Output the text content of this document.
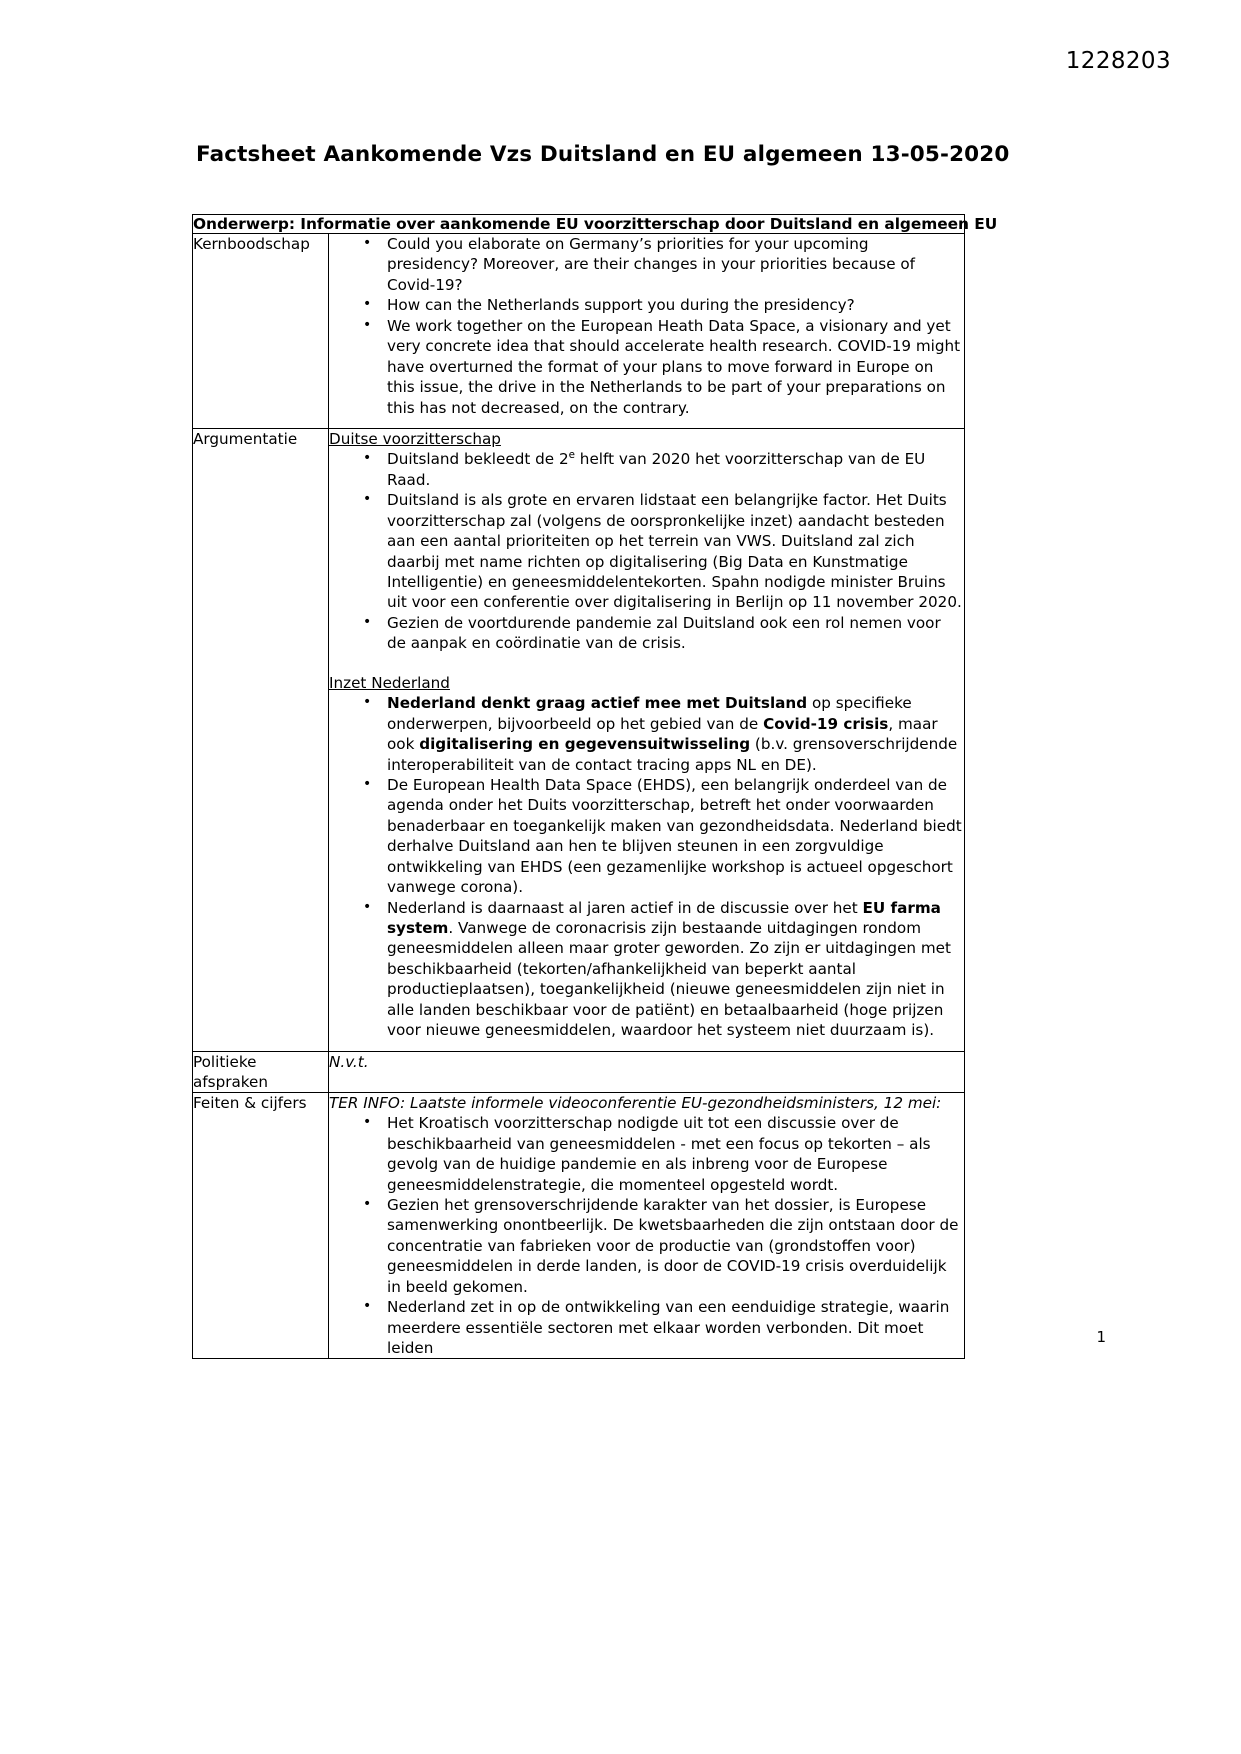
1228203
Factsheet Aankomende Vzs Duitsland en EU algemeen 13-05-2020
Onderwerp: Informatie over aankomende EU voorzitterschap door Duitsland en algemeen EU	
Kernboodschap	
•Could you elaborate on Germany’s priorities for your upcoming presidency? Moreover, are their changes in your priorities because of Covid-19?
• How can the Netherlands support you during the presidency?
• We work together on the European Heath Data Space, a visionary and yet very concrete idea that should accelerate health research. COVID-19 might have overturned the format of your plans to move forward in Europe on this issue, the drive in the Netherlands to be part of your preparations on this has not decreased, on the contrary.

Argumentatie	Duitse voorzitterschap

• Duitsland bekleedt de 2e helft van 2020 het voorzitterschap van de EU Raad.
• Duitsland is als grote en ervaren lidstaat een belangrijke factor. Het Duits voorzitterschap zal (volgens de oorspronkelijke inzet) aandacht besteden aan een aantal prioriteiten op het terrein van VWS. Duitsland zal zich daarbij met name richten op digitalisering (Big Data en Kunstmatige Intelligentie) en geneesmiddelentekorten. Spahn nodigde minister Bruins uit voor een conferentie over digitalisering in Berlijn op 11 november 2020.
• Gezien de voortdurende pandemie zal Duitsland ook een rol nemen voor de aanpak en coördinatie van de crisis.

Inzet Nederland

• Nederland denkt graag actief mee met Duitsland op specifieke onderwerpen, bijvoorbeeld op het gebied van de Covid-19 crisis, maar ook digitalisering en gegevensuitwisseling (b.v. grensoverschrijdende interoperabiliteit van de contact tracing apps NL en DE).
• De European Health Data Space (EHDS), een belangrijk onderdeel van de agenda onder het Duits voorzitterschap, betreft het onder voorwaarden benaderbaar en toegankelijk maken van gezondheidsdata. Nederland biedt derhalve Duitsland aan hen te blijven steunen in een zorgvuldige ontwikkeling van EHDS (een gezamenlijke workshop is actueel opgeschort vanwege corona).
• Nederland is daarnaast al jaren actief in de discussie over het EU farma system. Vanwege de coronacrisis zijn bestaande uitdagingen rondom geneesmiddelen alleen maar groter geworden. Zo zijn er uitdagingen met beschikbaarheid (tekorten/afhankelijkheid van beperkt aantal productieplaatsen), toegankelijkheid (nieuwe geneesmiddelen zijn niet in alle landen beschikbaar voor de patiënt) en betaalbaarheid (hoge prijzen voor nieuwe geneesmiddelen, waardoor het systeem niet duurzaam is).

Politieke afspraken	N.v.t.

Feiten & cijfers	TER INFO: Laatste informele videoconferentie EU-gezondheidsministers, 12 mei:

• Het Kroatisch voorzitterschap nodigde uit tot een discussie over de beschikbaarheid van geneesmiddelen - met een focus op tekorten – als gevolg van de huidige pandemie en als inbreng voor de Europese geneesmiddelenstrategie, die momenteel opgesteld wordt.
• Gezien het grensoverschrijdende karakter van het dossier, is Europese samenwerking onontbeerlijk. De kwetsbaarheden die zijn ontstaan door de concentratie van fabrieken voor de productie van (grondstoffen voor) geneesmiddelen in derde landen, is door de COVID-19 crisis overduidelijk in beeld gekomen.
• Nederland zet in op de ontwikkeling van een eenduidige strategie, waarin meerdere essentiële sectoren met elkaar worden verbonden. Dit moet leiden
1
